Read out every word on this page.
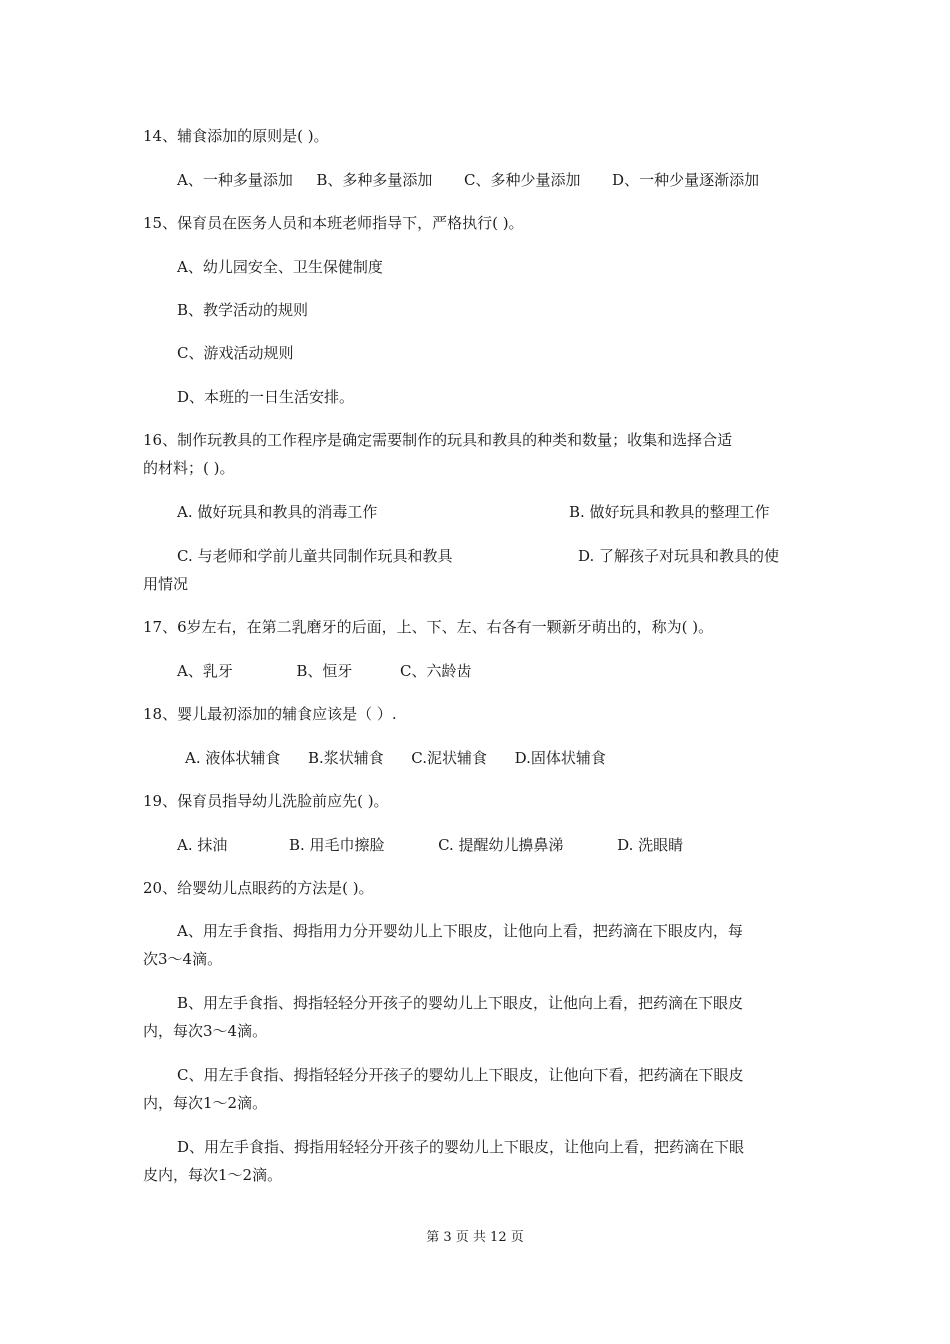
14、辅食添加的原则是( )。
A、一种多量添加 B、多种多量添加 C、多种少量添加 D、一种少量逐渐添加
15、保育员在医务人员和本班老师指导下，严格执行( )。
A、幼儿园安全、卫生保健制度
B、教学活动的规则
C、游戏活动规则
D、本班的一日生活安排。
16、制作玩教具的工作程序是确定需要制作的玩具和教具的种类和数量；收集和选择合适
的材料；( )。
A. 做好玩具和教具的消毒工作	B. 做好玩具和教具的整理工作
C. 与老师和学前儿童共同制作玩具和教具	D. 了解孩子对玩具和教具的使
用情况
17、6岁左右，在第二乳磨牙的后面，上、下、左、右各有一颗新牙萌出的，称为( )。
A、乳牙	B、恒牙	C、六龄齿
18、婴儿最初添加的辅食应该是（ ）.
A. 液体状辅食 B.浆状辅食 C.泥状辅食 D.固体状辅食
19、保育员指导幼儿洗脸前应先( )。
A. 抹油	B. 用毛巾擦脸	C. 提醒幼儿擤鼻涕	D. 洗眼睛
20、给婴幼儿点眼药的方法是( )。
A、用左手食指、拇指用力分开婴幼儿上下眼皮，让他向上看，把药滴在下眼皮内，每
次3～4滴。
B、用左手食指、拇指轻轻分开孩子的婴幼儿上下眼皮，让他向上看，把药滴在下眼皮
内，每次3～4滴。
C、用左手食指、拇指轻轻分开孩子的婴幼儿上下眼皮，让他向下看，把药滴在下眼皮
内，每次1～2滴。
D、用左手食指、拇指用轻轻分开孩子的婴幼儿上下眼皮，让他向上看，把药滴在下眼
皮内，每次1～2滴。
第 3 页 共 12 页
